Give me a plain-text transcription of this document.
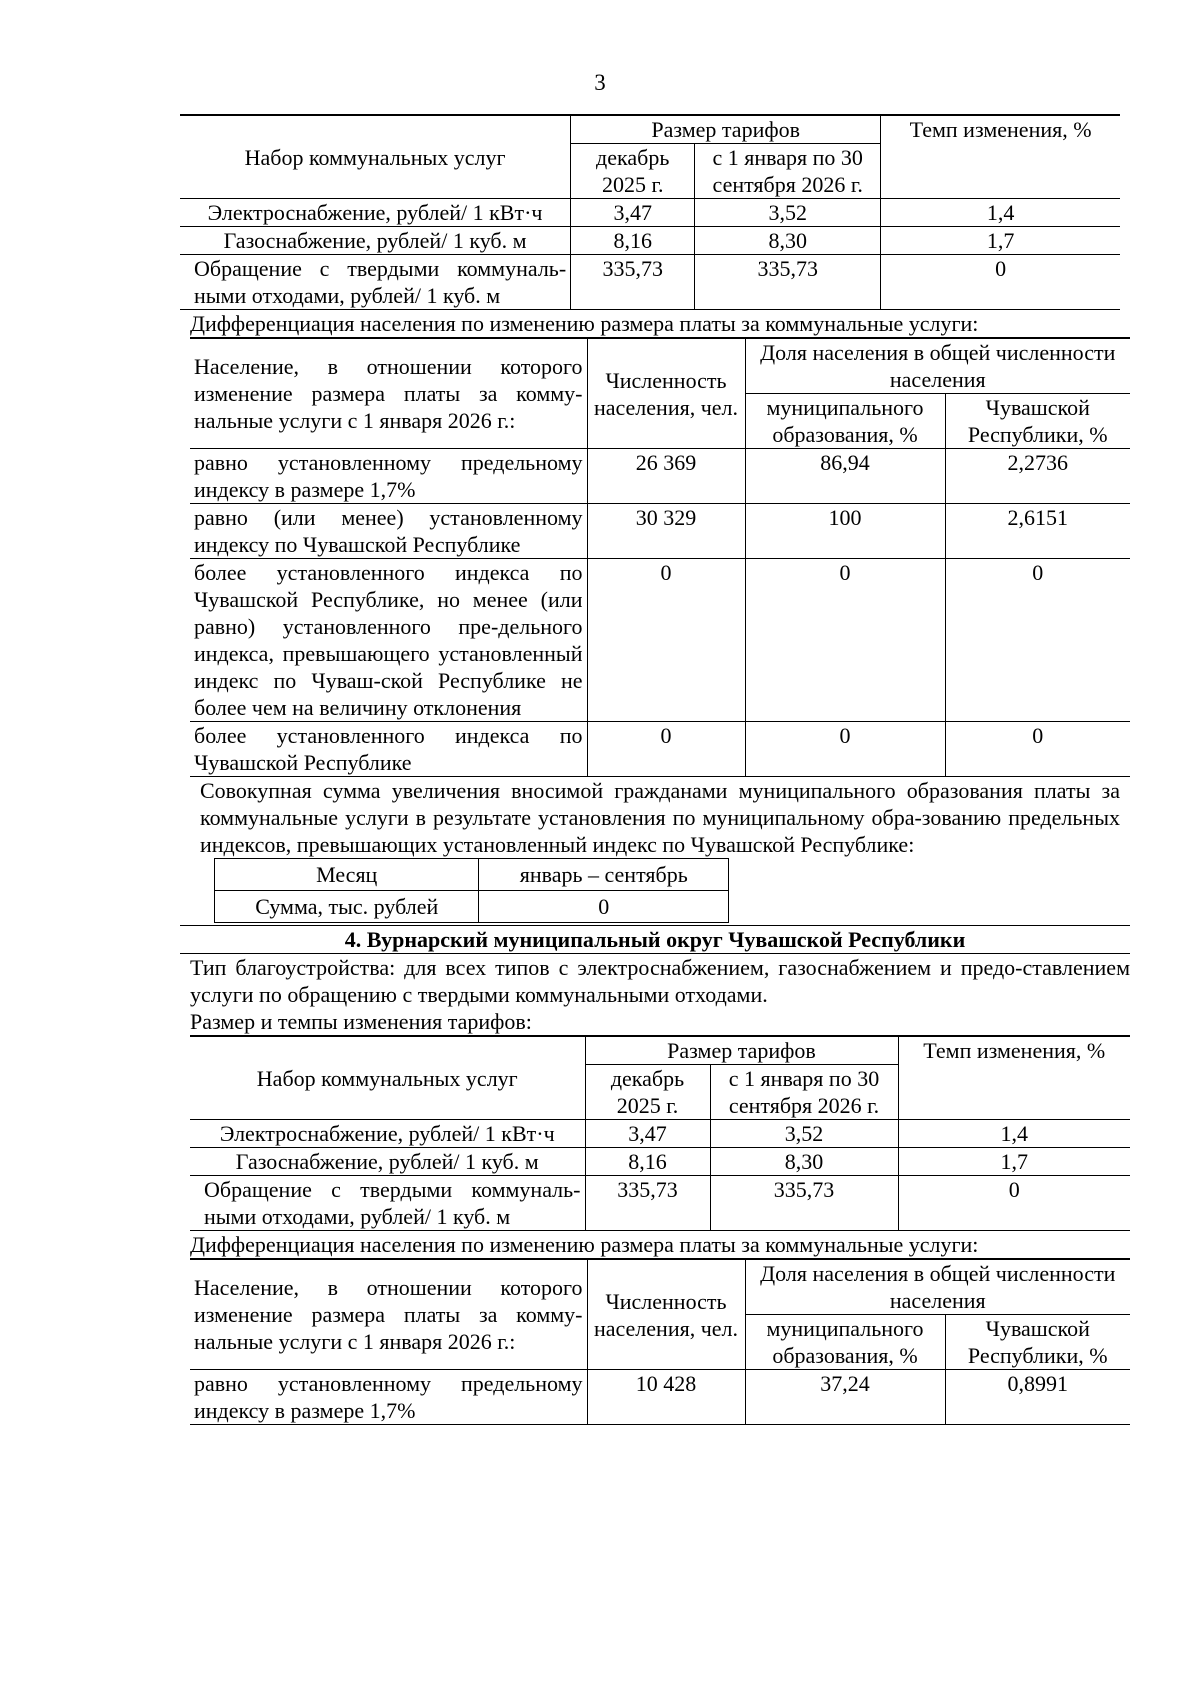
3
Набор коммунальных услуг	Размер тарифов		Темп изменения, %
	декабрь 2025 г.	с 1 января по 30 сентября 2026 г.	
Электроснабжение, рублей/ 1 кВт·ч	3,47	3,52	1,4
Газоснабжение, рублей/ 1 куб. м	8,16	8,30	1,7
Обращение с твердыми коммуналь-ными отходами, рублей/ 1 куб. м	335,73	335,73	0
Дифференциация населения по изменению размера платы за коммунальные услуги:
Население, в отношении которого изменение размера платы за комму-нальные услуги с 1 января 2026 г.:	Численность населения, чел.	Доля населения в общей численности населения	
		муниципального образования, %	Чувашской Республики, %

равно установленному предельному индексу в размере 1,7%	26 369	86,94	2,2736
равно (или менее) установленному индексу по Чувашской Республике	30 329	100	2,6151
более установленного индекса по Чувашской Республике, но менее (или равно) установленного пре-дельного индекса, превышающего установленный индекс по Чуваш-ской Республике не более чем на величину отклонения	0	0	0
более установленного индекса по Чувашской Республике	0	0	0
Совокупная сумма увеличения вносимой гражданами муниципального образования платы за коммунальные услуги в результате установления по муниципальному обра-зованию предельных индексов, превышающих установленный индекс по Чувашской Республике:
Месяц	январь – сентябрь
Сумма, тыс. рублей	0
4. Вурнарский муниципальный округ Чувашской Республики
Тип благоустройства: для всех типов с электроснабжением, газоснабжением и предо-ставлением услуги по обращению с твердыми коммунальными отходами.
Размер и темпы изменения тарифов:
Набор коммунальных услуг	Размер тарифов		Темп изменения, %
	декабрь 2025 г.	с 1 января по 30 сентября 2026 г.	
Электроснабжение, рублей/ 1 кВт·ч	3,47	3,52	1,4
Газоснабжение, рублей/ 1 куб. м	8,16	8,30	1,7
Обращение с твердыми коммуналь-ными отходами, рублей/ 1 куб. м	335,73	335,73	0
Дифференциация населения по изменению размера платы за коммунальные услуги:
Население, в отношении которого изменение размера платы за комму-нальные услуги с 1 января 2026 г.:	Численность населения, чел.	Доля населения в общей численности населения	
		муниципального образования, %	Чувашской Республики, %

равно установленному предельному индексу в размере 1,7%	10 428	37,24	0,8991
